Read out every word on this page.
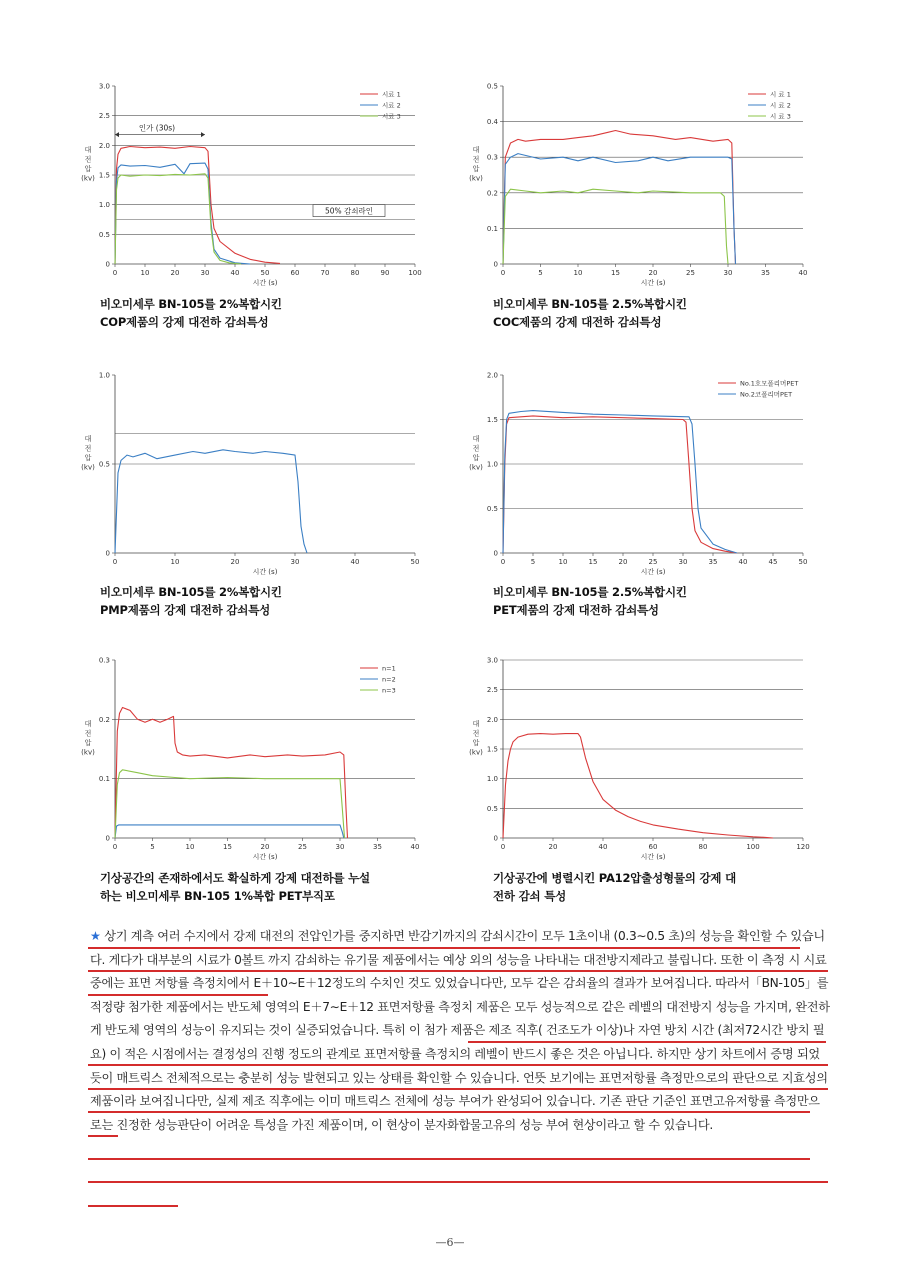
0
0.5
1.0
1.5
2.0
2.5
3.0
0	10	20	30	40	50	60	70	80	90	100
시간 (s)
대
전
압
(kv)
시료 1
시료 2
시료 3
인가 (30s)
50% 감쇠라인
비오미세루 BN-105를 2%복합시킨
COP제품의 강제 대전하 감쇠특성
0
0.1
0.2
0.3
0.4
0.5
0	5	10	15	20	25	30	35	40
시간 (s)
대
전
압
(kv)
시 료 1
시 료 2
시 료 3
비오미세루 BN-105를 2.5%복합시킨
COC제품의 강제 대전하 감쇠특성
0
0.5
1.0
0	10	20	30	40	50
시간 (s)
대
전
압
(kv)
비오미세루 BN-105를 2%복합시킨
PMP제품의 강제 대전하 감쇠특성
0
0.5
1.0
1.5
2.0
0	5	10	15	20	25	30	35	40	45	50
시간 (s)
대
전
압
(kv)
No.1호모폴리머PET
No.2코폴리머PET
비오미세루 BN-105를 2.5%복합시킨
PET제품의 강제 대전하 감쇠특성
0
0.1
0.2
0.3
0	5	10	15	20	25	30	35	40
시간 (s)
대
전
압
(kv)
n=1
n=2
n=3
기상공간의 존재하에서도 확실하게 강제 대전하를 누설
하는 비오미세루 BN-105 1%복합 PET부직포
0
0.5
1.0
1.5
2.0
2.5
3.0
0	20	40	60	80	100	120
시간 (s)
대
전
압
(kv)
기상공간에 병렬시킨 PA12압출성형물의 강제 대
전하 감쇠 특성

★ 상기 계측 여러 수지에서 강제 대전의 전압인가를 중지하면 반감기까지의 감쇠시간이 모두 1초이내 (0.3∼0.5 초)의 성능을 확인할 수 있습니다. 게다가 대부분의 시료가 0볼트 까지 감쇠하는 유기물 제품에서는 예상 외의 성능을 나타내는 대전방지제라고 불립니다. 또한 이 측정 시 시료 중에는 표면 저항률 측정치에서 E＋10∼E＋12정도의 수치인 것도 있었습니다만, 모두 같은 감쇠율의 결과가 보여집니다. 따라서「BN-105」를 적정량 첨가한 제품에서는 반도체 영역의 E＋7∼E＋12 표면저항률 측정치 제품은 모두 성능적으로 같은 레벨의 대전방지 성능을 가지며, 완전하게 반도체 영역의 성능이 유지되는 것이 실증되었습니다. 특히 이 첨가 제품은 제조 직후( 건조도가 이상)나 자연 방치 시간 (최저72시간 방치 필요) 이 적은 시점에서는 결정성의 진행 정도의 관계로 표면저항률 측정치의 레벨이 반드시 좋은 것은 아닙니다. 하지만 상기 차트에서 증명 되었듯이 매트릭스 전체적으로는 충분히 성능 발현되고 있는 상태를 확인할 수 있습니다. 언뜻 보기에는 표면저항률 측정만으로의 판단으로 지효성의 제품이라 보여집니다만, 실제 제조 직후에는 이미 매트릭스 전체에 성능 부여가 완성되어 있습니다. 기존 판단 기준인 표면고유저항률 측정만으로는 진정한 성능판단이 어려운 특성을 가진 제품이며, 이 현상이 분자화합물고유의 성능 부여 현상이라고 할 수 있습니다.

—6—
